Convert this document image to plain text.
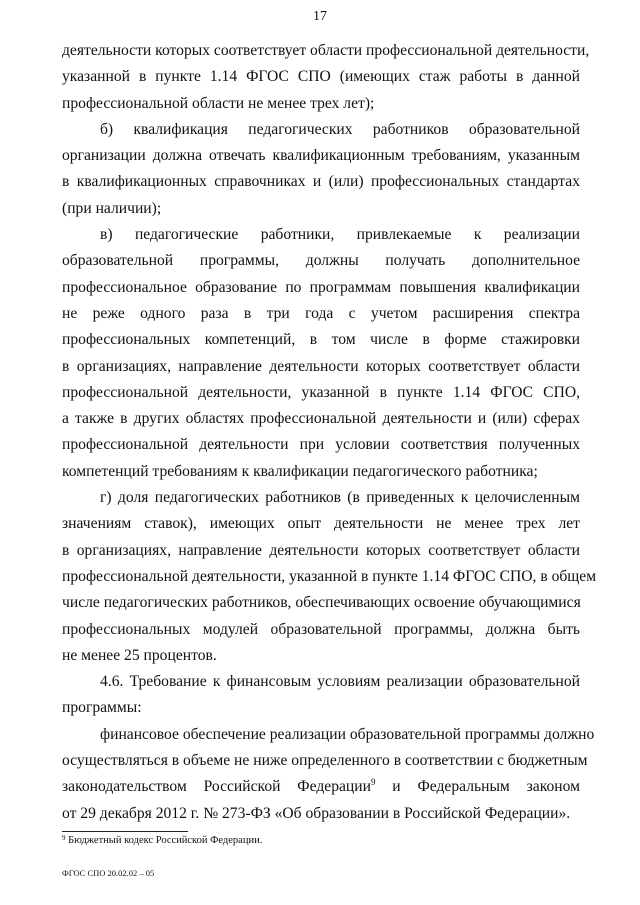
17
деятельности которых соответствует области профессиональной деятельности,
указанной в пункте 1.14 ФГОС СПО (имеющих стаж работы в данной
профессиональной области не менее трех лет);
б) квалификация педагогических работников образовательной
организации должна отвечать квалификационным требованиям, указанным
в квалификационных справочниках и (или) профессиональных стандартах
(при наличии);
в) педагогические работники, привлекаемые к реализации
образовательной программы, должны получать дополнительное
профессиональное образование по программам повышения квалификации
не реже одного раза в три года с учетом расширения спектра
профессиональных компетенций, в том числе в форме стажировки
в организациях, направление деятельности которых соответствует области
профессиональной деятельности, указанной в пункте 1.14 ФГОС СПО,
а также в других областях профессиональной деятельности и (или) сферах
профессиональной деятельности при условии соответствия полученных
компетенций требованиям к квалификации педагогического работника;
г) доля педагогических работников (в приведенных к целочисленным
значениям ставок), имеющих опыт деятельности не менее трех лет
в организациях, направление деятельности которых соответствует области
профессиональной деятельности, указанной в пункте 1.14 ФГОС СПО, в общем
числе педагогических работников, обеспечивающих освоение обучающимися
профессиональных модулей образовательной программы, должна быть
не менее 25 процентов.
4.6. Требование к финансовым условиям реализации образовательной
программы:
финансовое обеспечение реализации образовательной программы должно
осуществляться в объеме не ниже определенного в соответствии с бюджетным
законодательством Российской Федерации$^9$ и Федеральным законом
от 29 декабря 2012 г. № 273-ФЗ «Об образовании в Российской Федерации».
$^9$ Бюджетный кодекс Российской Федерации.
ФГОС СПО 20.02.02 – 05
